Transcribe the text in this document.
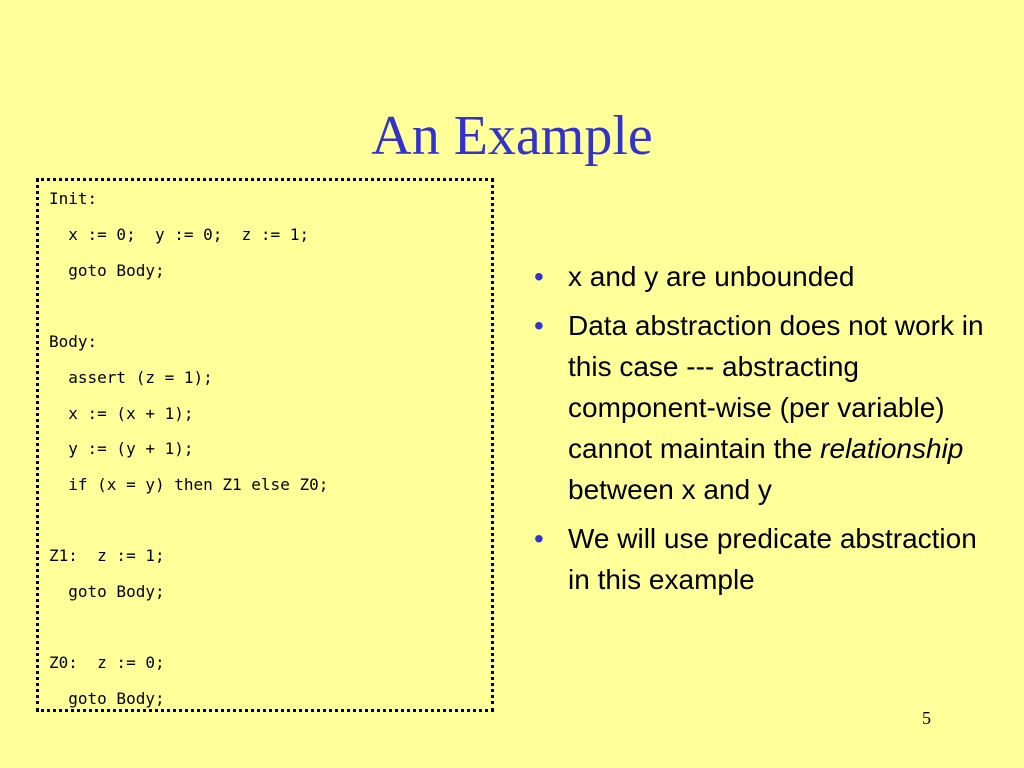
An Example
Init:
x := 0;  y := 0;  z := 1;
goto Body;
Body:
assert (z = 1);
x := (x + 1);
y := (y + 1);
if (x = y) then Z1 else Z0;
Z1:  z := 1;
goto Body;
Z0:  z := 0;
goto Body;
• x and y are unbounded
• Data abstraction does not work in this case --- abstracting component-wise (per variable) cannot maintain the relationship between x and y
• We will use predicate abstraction in this example
5
